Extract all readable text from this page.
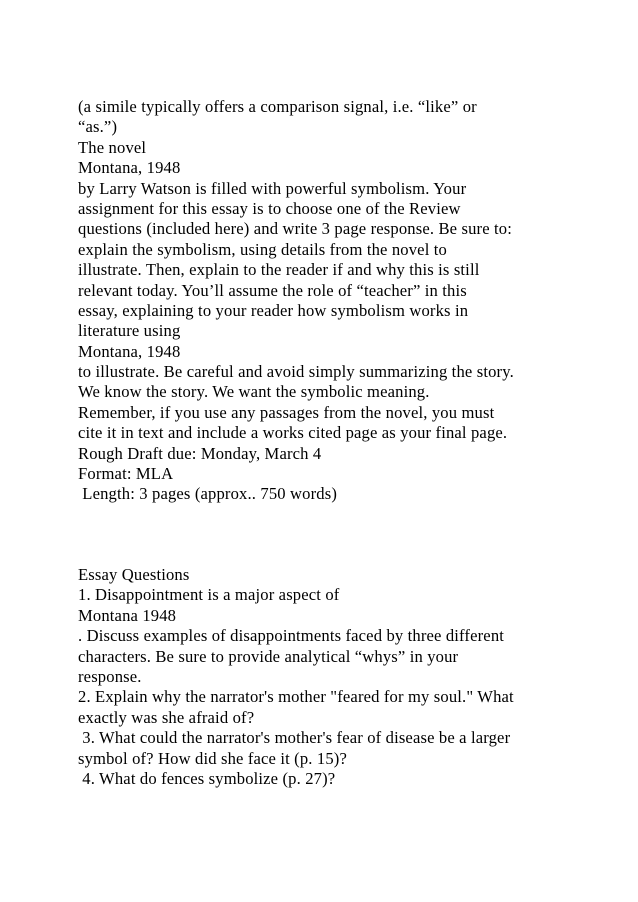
(a simile typically offers a comparison signal, i.e. “like” or
“as.”)
The novel
Montana, 1948
by Larry Watson is filled with powerful symbolism. Your
assignment for this essay is to choose one of the Review
questions (included here) and write 3 page response. Be sure to:
explain the symbolism, using details from the novel to
illustrate. Then, explain to the reader if and why this is still
relevant today. You’ll assume the role of “teacher” in this
essay, explaining to your reader how symbolism works in
literature using
Montana, 1948
to illustrate. Be careful and avoid simply summarizing the story.
We know the story. We want the symbolic meaning.
Remember, if you use any passages from the novel, you must
cite it in text and include a works cited page as your final page.
Rough Draft due: Monday, March 4
Format: MLA
Length: 3 pages (approx.. 750 words)
Essay Questions
1. Disappointment is a major aspect of
Montana 1948
. Discuss examples of disappointments faced by three different
characters. Be sure to provide analytical “whys” in your
response.
2. Explain why the narrator's mother "feared for my soul." What
exactly was she afraid of?
3. What could the narrator's mother's fear of disease be a larger
symbol of? How did she face it (p. 15)?
4. What do fences symbolize (p. 27)?
